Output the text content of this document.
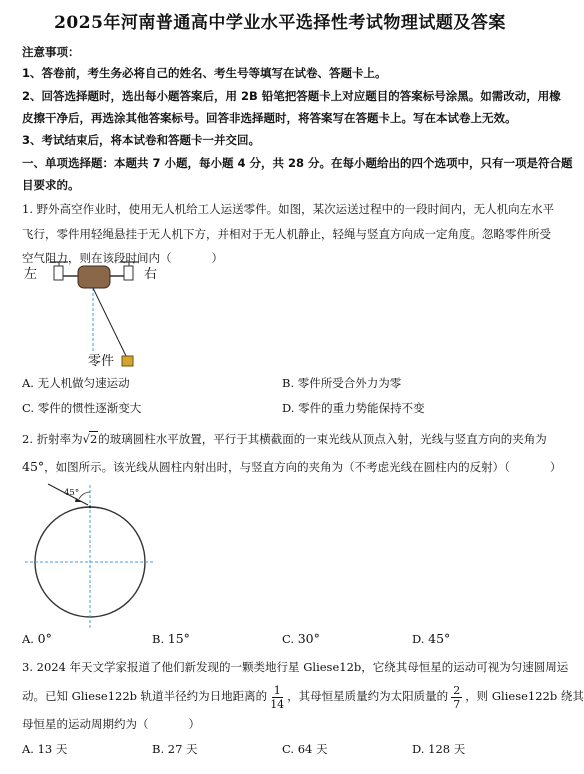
2025年河南普通高中学业水平选择性考试物理试题及答案
注意事项：
1、答卷前，考生务必将自己的姓名、考生号等填写在试卷、答题卡上。
2、回答选择题时，选出每小题答案后，用 2B 铅笔把答题卡上对应题目的答案标号涂黑。如需改动，用橡
皮擦干净后，再选涂其他答案标号。回答非选择题时，将答案写在答题卡上。写在本试卷上无效。
3、考试结束后，将本试卷和答题卡一并交回。
一、单项选择题：本题共 7 小题，每小题 4 分，共 28 分。在每小题给出的四个选项中，只有一项是符合题
目要求的。
1. 野外高空作业时，使用无人机给工人运送零件。如图，某次运送过程中的一段时间内，无人机向左水平
飞行，零件用轻绳悬挂于无人机下方，并相对于无人机静止，轻绳与竖直方向成一定角度。忽略零件所受
空气阻力，则在该段时间内（	）
左	右
零件
A. 无人机做匀速运动	B. 零件所受合外力为零
C. 零件的惯性逐渐变大	D. 零件的重力势能保持不变
2. 折射率为√2的玻璃圆柱水平放置，平行于其横截面的一束光线从顶点入射，光线与竖直方向的夹角为
45°，如图所示。该光线从圆柱内射出时，与竖直方向的夹角为（不考虑光线在圆柱内的反射）（	）
45°
A. 0°	B. 15°	C. 30°	D. 45°
3. 2024 年天文学家报道了他们新发现的一颗类地行星 Gliese12b，它绕其母恒星的运动可视为匀速圆周运
动。已知 Gliese122b 轨道半径约为日地距离的 $\frac{1}{14}$ ，其母恒星质量约为太阳质量的 $\frac{2}{7}$ ，则 Gliese122b 绕其
母恒星的运动周期约为（	）
A. 13 天	B. 27 天	C. 64 天	D. 128 天
